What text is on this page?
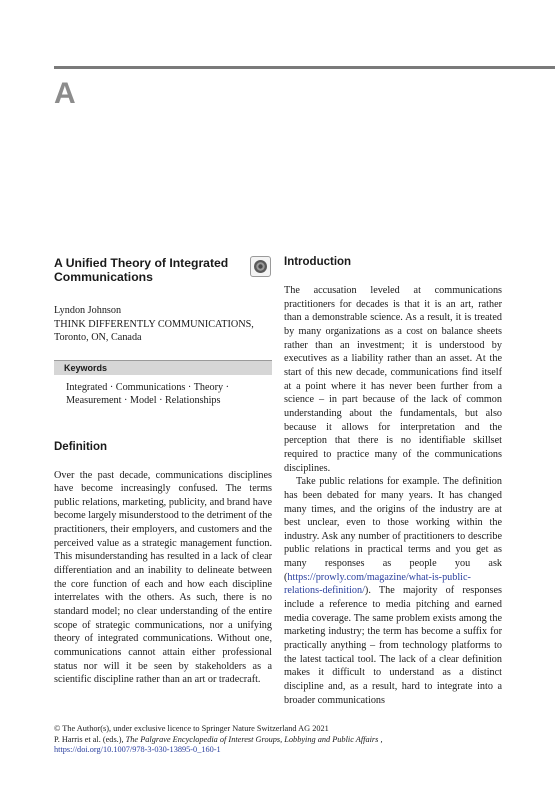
A
A Unified Theory of Integrated Communications
Lyndon Johnson
THINK DIFFERENTLY COMMUNICATIONS,
Toronto, ON, Canada
Keywords
Integrated · Communications · Theory · Measurement · Model · Relationships
Definition

Over the past decade, communications disciplines have become increasingly confused. The terms public relations, marketing, publicity, and brand have become largely misunderstood to the detriment of the practitioners, their employers, and customers and the perceived value as a strategic management function. This misunderstanding has resulted in a lack of clear differentiation and an inability to delineate between the core function of each and how each discipline interrelates with the others. As such, there is no standard model; no clear understanding of the entire scope of strategic communications, nor a unifying theory of integrated communications. Without one, communications cannot attain either professional status nor will it be seen by stakeholders as a scientific discipline rather than an art or tradecraft.

Introduction

The accusation leveled at communications practitioners for decades is that it is an art, rather than a demonstrable science. As a result, it is treated by many organizations as a cost on balance sheets rather than an investment; it is understood by executives as a liability rather than an asset. At the start of this new decade, communications find itself at a point where it has never been further from a science – in part because of the lack of common understanding about the fundamentals, but also because it allows for interpretation and the perception that there is no identifiable skillset required to practice many of the communications disciplines.

Take public relations for example. The definition has been debated for many years. It has changed many times, and the origins of the industry are at best unclear, even to those working within the industry. Ask any number of practitioners to describe public relations in practical terms and you get as many responses as people you ask (https://prowly.com/magazine/what-is-public-relations-definition/). The majority of responses include a reference to media pitching and earned media coverage. The same problem exists among the marketing industry; the term has become a suffix for practically anything – from technology platforms to the latest tactical tool. The lack of a clear definition makes it difficult to understand as a distinct discipline and, as a result, hard to integrate into a broader communications

© The Author(s), under exclusive licence to Springer Nature Switzerland AG 2021
P. Harris et al. (eds.), The Palgrave Encyclopedia of Interest Groups, Lobbying and Public Affairs ,
https://doi.org/10.1007/978-3-030-13895-0_160-1
